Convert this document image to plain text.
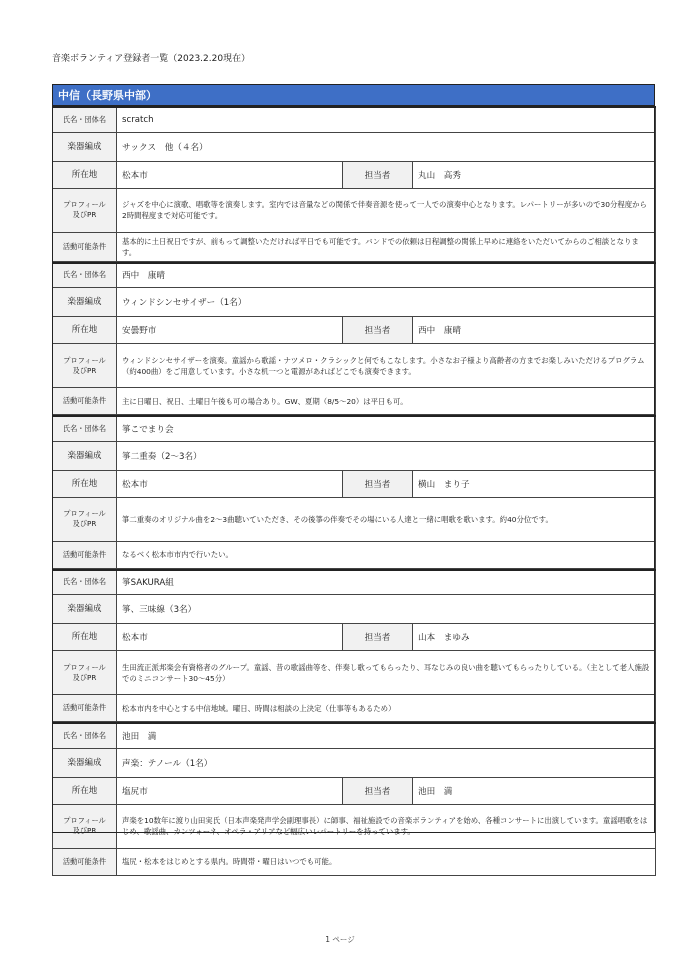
音楽ボランティア登録者一覧（2023.2.20現在）
中信（長野県中部）
氏名・団体名	scratch		
楽器編成	サックス　他（４名）		
所在地	松本市	担当者	丸山　高秀
プロフィール
及びPR	ジャズを中心に演歌、唱歌等を演奏します。室内では音量などの関係で伴奏音源を使って一人での演奏中心となります。レパートリーが多いので30分程度から2時間程度まで対応可能です。		
活動可能条件	基本的に土日祝日ですが、前もって調整いただければ平日でも可能です。バンドでの依頼は日程調整の関係上早めに連絡をいただいてからのご相談となります。		
氏名・団体名	西中　康晴		
楽器編成	ウィンドシンセサイザー（1名）		
所在地	安曇野市	担当者	西中　康晴
プロフィール
及びPR	ウィンドシンセサイザーを演奏。童謡から歌謡・ナツメロ・クラシックと何でもこなします。小さなお子様より高齢者の方までお楽しみいただけるプログラム（約400曲）をご用意しています。小さな机一つと電源があればどこでも演奏できます。		
活動可能条件	主に日曜日、祝日、土曜日午後も可の場合あり。GW、夏期（8/5～20）は平日も可。		
氏名・団体名	箏こでまり会		
楽器編成	箏二重奏（2～3名）		
所在地	松本市	担当者	横山　まり子
プロフィール
及びPR	箏二重奏のオリジナル曲を2～3曲聴いていただき、その後箏の伴奏でその場にいる人達と一緒に唱歌を歌います。約40分位です。		
活動可能条件	なるべく松本市市内で行いたい。		
氏名・団体名	箏SAKURA組		
楽器編成	箏、三味線（3名）		
所在地	松本市	担当者	山本　まゆみ
プロフィール
及びPR	生田流正派邦楽会有資格者のグループ。童謡、昔の歌謡曲等を、伴奏し歌ってもらったり、耳なじみの良い曲を聴いてもらったりしている。（主として老人施設でのミニコンサート30～45分）		
活動可能条件	松本市内を中心とする中信地域。曜日、時間は相談の上決定（仕事等もあるため）		
氏名・団体名	池田　満		
楽器編成	声楽：テノール（1名）		
所在地	塩尻市	担当者	池田　満
プロフィール
及びPR	声楽を10数年に渡り山田実氏（日本声楽発声学会副理事長）に師事、福祉施設での音楽ボランティアを始め、各種コンサートに出演しています。童謡唱歌をはじめ、歌謡曲、カンツォーネ、オペラ・アリアなど幅広いレパートリーを持っています。		
活動可能条件	塩尻・松本をはじめとする県内。時間帯・曜日はいつでも可能。		
1 ページ
